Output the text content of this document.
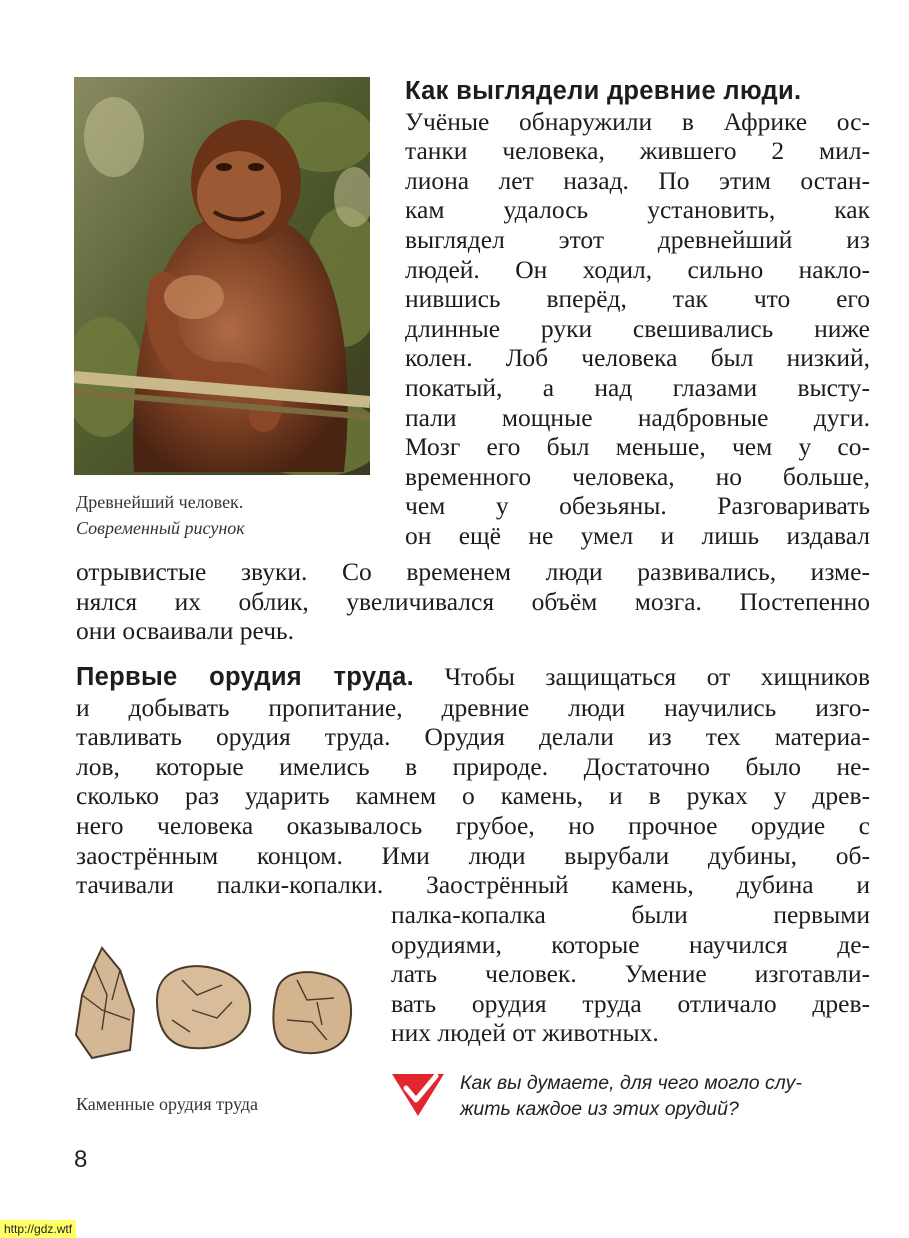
Древнейший человек.
Современный рисунок
Как выглядели древние люди.
Учёные обнаружили в Африке ос-
танки человека, жившего 2 мил-
лиона лет назад. По этим остан-
кам удалось установить, как
выглядел этот древнейший из
людей. Он ходил, сильно накло-
нившись вперёд, так что его
длинные руки свешивались ниже
колен. Лоб человека был низкий,
покатый, а над глазами высту-
пали мощные надбровные дуги.
Мозг его был меньше, чем у со-
временного человека, но больше,
чем у обезьяны. Разговаривать
он ещё не умел и лишь издавал
отрывистые звуки. Со временем люди развивались, изме-
нялся их облик, увеличивался объём мозга. Постепенно
они осваивали речь.
Первые орудия труда. Чтобы защищаться от хищников
и добывать пропитание, древние люди научились изго-
тавливать орудия труда. Орудия делали из тех материа-
лов, которые имелись в природе. Достаточно было не-
сколько раз ударить камнем о камень, и в руках у древ-
него человека оказывалось грубое, но прочное орудие с
заострённым концом. Ими люди вырубали дубины, об-
тачивали палки-копалки. Заострённый камень, дубина и
палка-копалка были первыми
орудиями, которые научился де-
лать человек. Умение изготавли-
вать орудия труда отличало древ-
них людей от животных.
Каменные орудия труда
Как вы думаете, для чего могло слу-
жить каждое из этих орудий?
8
http://gdz.wtf
